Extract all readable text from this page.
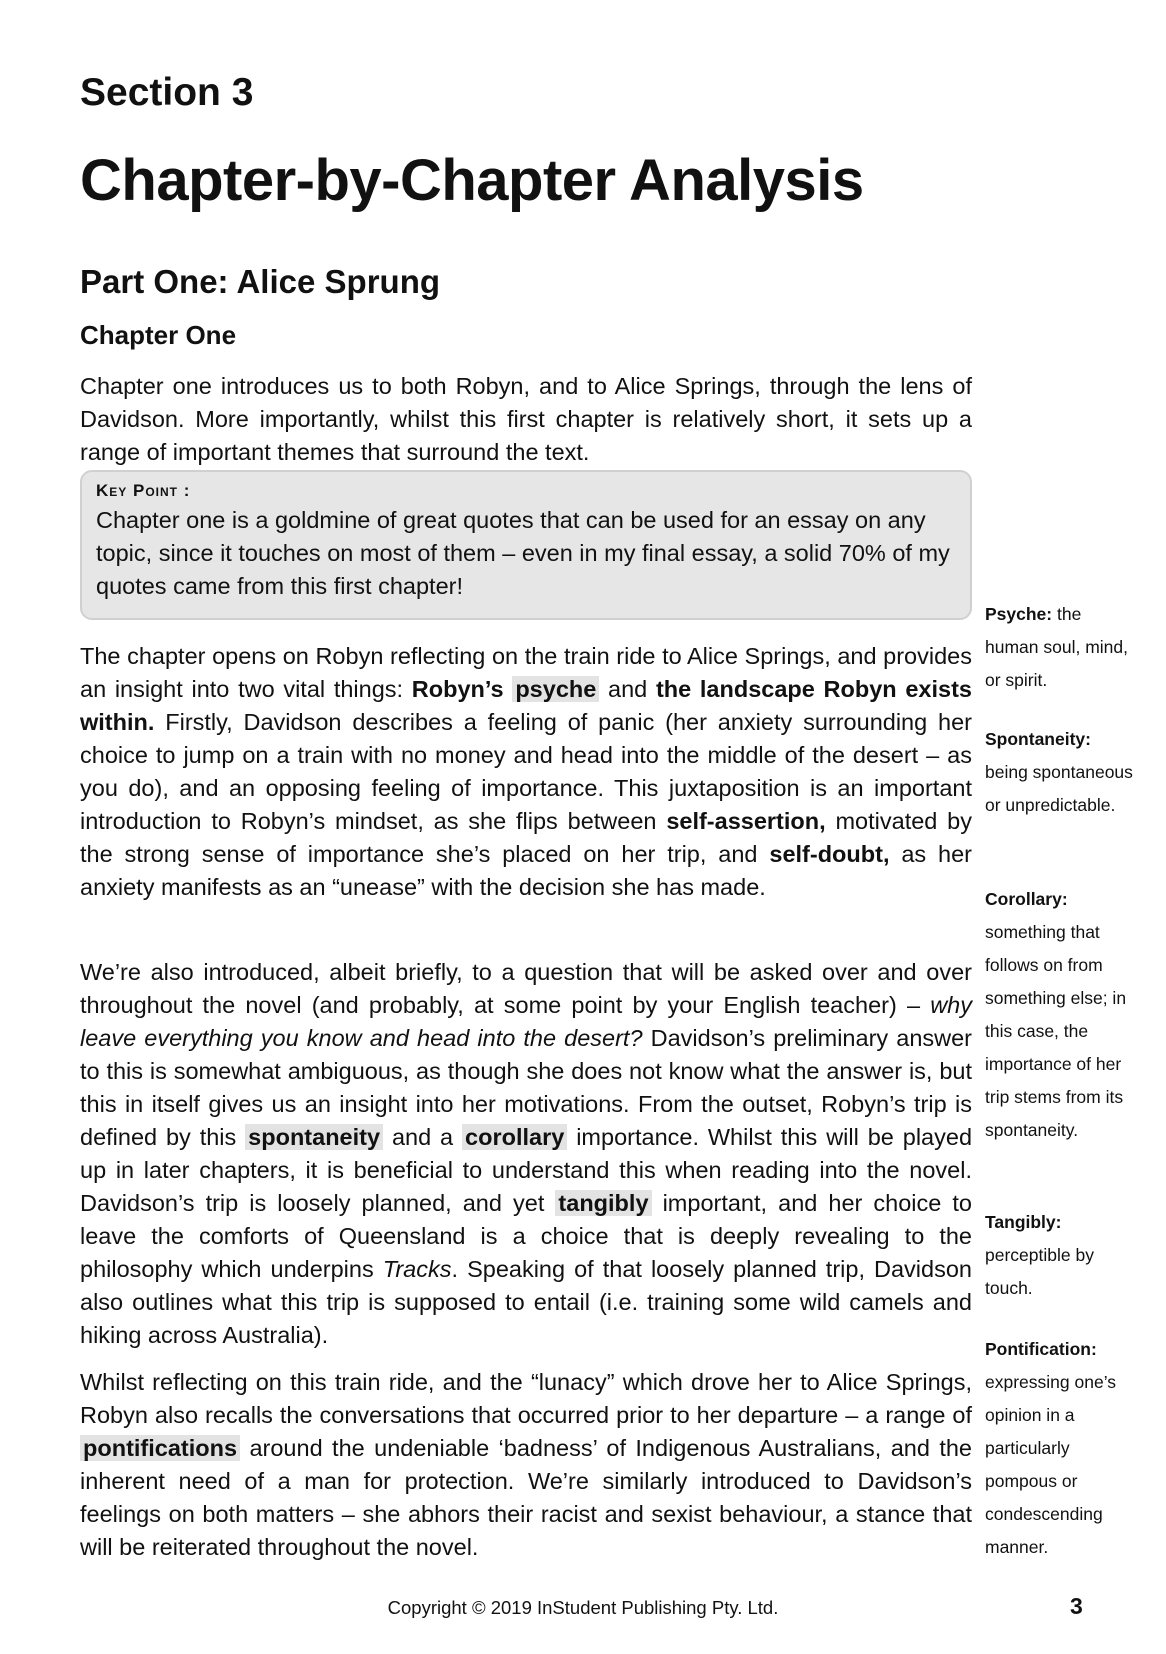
Section 3
Chapter-by-Chapter Analysis
Part One: Alice Sprung
Chapter One

Chapter one introduces us to both Robyn, and to Alice Springs, through the lens of Davidson. More importantly, whilst this first chapter is relatively short, it sets up a range of important themes that surround the text.

Key Point :
Chapter one is a goldmine of great quotes that can be used for an essay on any topic, since it touches on most of them – even in my final essay, a solid 70% of my quotes came from this first chapter!

The chapter opens on Robyn reflecting on the train ride to Alice Springs, and provides an insight into two vital things: Robyn’s psyche and the landscape Robyn exists within. Firstly, Davidson describes a feeling of panic (her anxiety surrounding her choice to jump on a train with no money and head into the middle of the desert – as you do), and an opposing feeling of importance. This juxtaposition is an important introduction to Robyn’s mindset, as she flips between self-assertion, motivated by the strong sense of importance she’s placed on her trip, and self-doubt, as her anxiety manifests as an “unease” with the decision she has made.

We’re also introduced, albeit briefly, to a question that will be asked over and over throughout the novel (and probably, at some point by your English teacher) – why leave everything you know and head into the desert? Davidson’s preliminary answer to this is somewhat ambiguous, as though she does not know what the answer is, but this in itself gives us an insight into her motivations. From the outset, Robyn’s trip is defined by this spontaneity and a corollary importance. Whilst this will be played up in later chapters, it is beneficial to understand this when reading into the novel. Davidson’s trip is loosely planned, and yet tangibly important, and her choice to leave the comforts of Queensland is a choice that is deeply revealing to the philosophy which underpins Tracks. Speaking of that loosely planned trip, Davidson also outlines what this trip is supposed to entail (i.e. training some wild camels and hiking across Australia).

Whilst reflecting on this train ride, and the “lunacy” which drove her to Alice Springs, Robyn also recalls the conversations that occurred prior to her departure – a range of pontifications around the undeniable ‘badness’ of Indigenous Australians, and the inherent need of a man for protection. We’re similarly introduced to Davidson’s feelings on both matters – she abhors their racist and sexist behaviour, a stance that will be reiterated throughout the novel.

Psyche: the human soul, mind, or spirit.
Spontaneity: being spontaneous or unpredictable.
Corollary: something that follows on from something else; in this case, the importance of her trip stems from its spontaneity.
Tangibly: perceptible by touch.
Pontification: expressing one’s opinion in a particularly pompous or condescending manner.
Copyright © 2019 InStudent Publishing Pty. Ltd.	3
